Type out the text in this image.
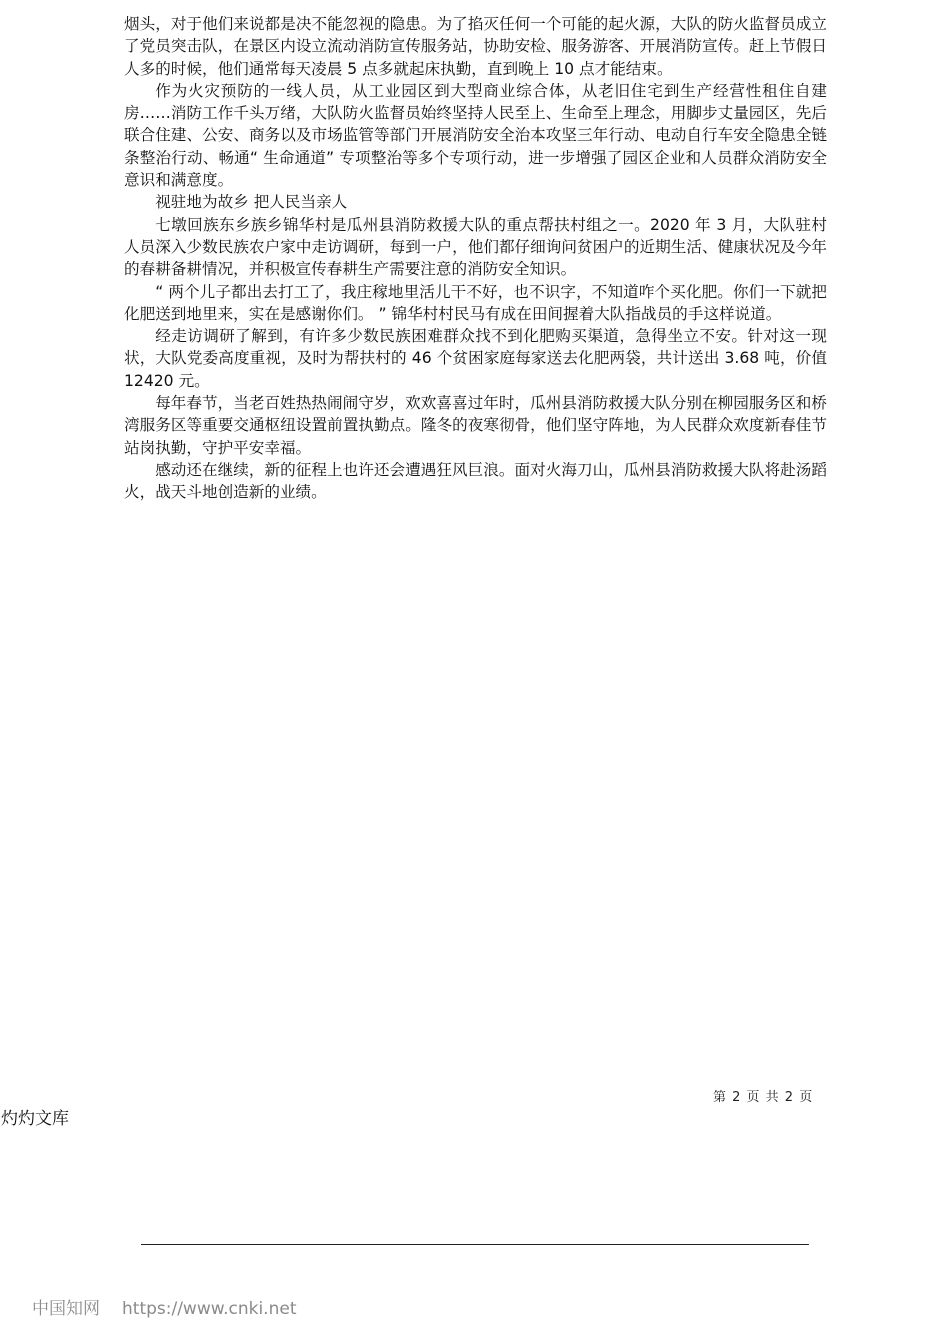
烟头，对于他们来说都是决不能忽视的隐患。为了掐灭任何一个可能的起火源，大队的防火监督员成立了党员突击队，在景区内设立流动消防宣传服务站，协助安检、服务游客、开展消防宣传。赶上节假日人多的时候，他们通常每天凌晨 5 点多就起床执勤，直到晚上 10 点才能结束。

作为火灾预防的一线人员，从工业园区到大型商业综合体，从老旧住宅到生产经营性租住自建房……消防工作千头万绪，大队防火监督员始终坚持人民至上、生命至上理念，用脚步丈量园区，先后联合住建、公安、商务以及市场监管等部门开展消防安全治本攻坚三年行动、电动自行车安全隐患全链条整治行动、畅通“ 生命通道” 专项整治等多个专项行动，进一步增强了园区企业和人员群众消防安全意识和满意度。

视驻地为故乡 把人民当亲人

七墩回族东乡族乡锦华村是瓜州县消防救援大队的重点帮扶村组之一。2020 年 3 月，大队驻村人员深入少数民族农户家中走访调研，每到一户，他们都仔细询问贫困户的近期生活、健康状况及今年的春耕备耕情况，并积极宣传春耕生产需要注意的消防安全知识。

“ 两个儿子都出去打工了，我庄稼地里活儿干不好，也不识字，不知道咋个买化肥。你们一下就把化肥送到地里来，实在是感谢你们。 ” 锦华村村民马有成在田间握着大队指战员的手这样说道。

经走访调研了解到，有许多少数民族困难群众找不到化肥购买渠道，急得坐立不安。针对这一现状，大队党委高度重视，及时为帮扶村的 46 个贫困家庭每家送去化肥两袋，共计送出 3.68 吨，价值 12420 元。

每年春节，当老百姓热热闹闹守岁，欢欢喜喜过年时，瓜州县消防救援大队分别在柳园服务区和桥湾服务区等重要交通枢纽设置前置执勤点。隆冬的夜寒彻骨，他们坚守阵地，为人民群众欢度新春佳节站岗执勤，守护平安幸福。

感动还在继续，新的征程上也许还会遭遇狂风巨浪。面对火海刀山，瓜州县消防救援大队将赴汤蹈火，战天斗地创造新的业绩。

第 2 页 共 2 页
灼灼文库
中国知网 https://www.cnki.net
